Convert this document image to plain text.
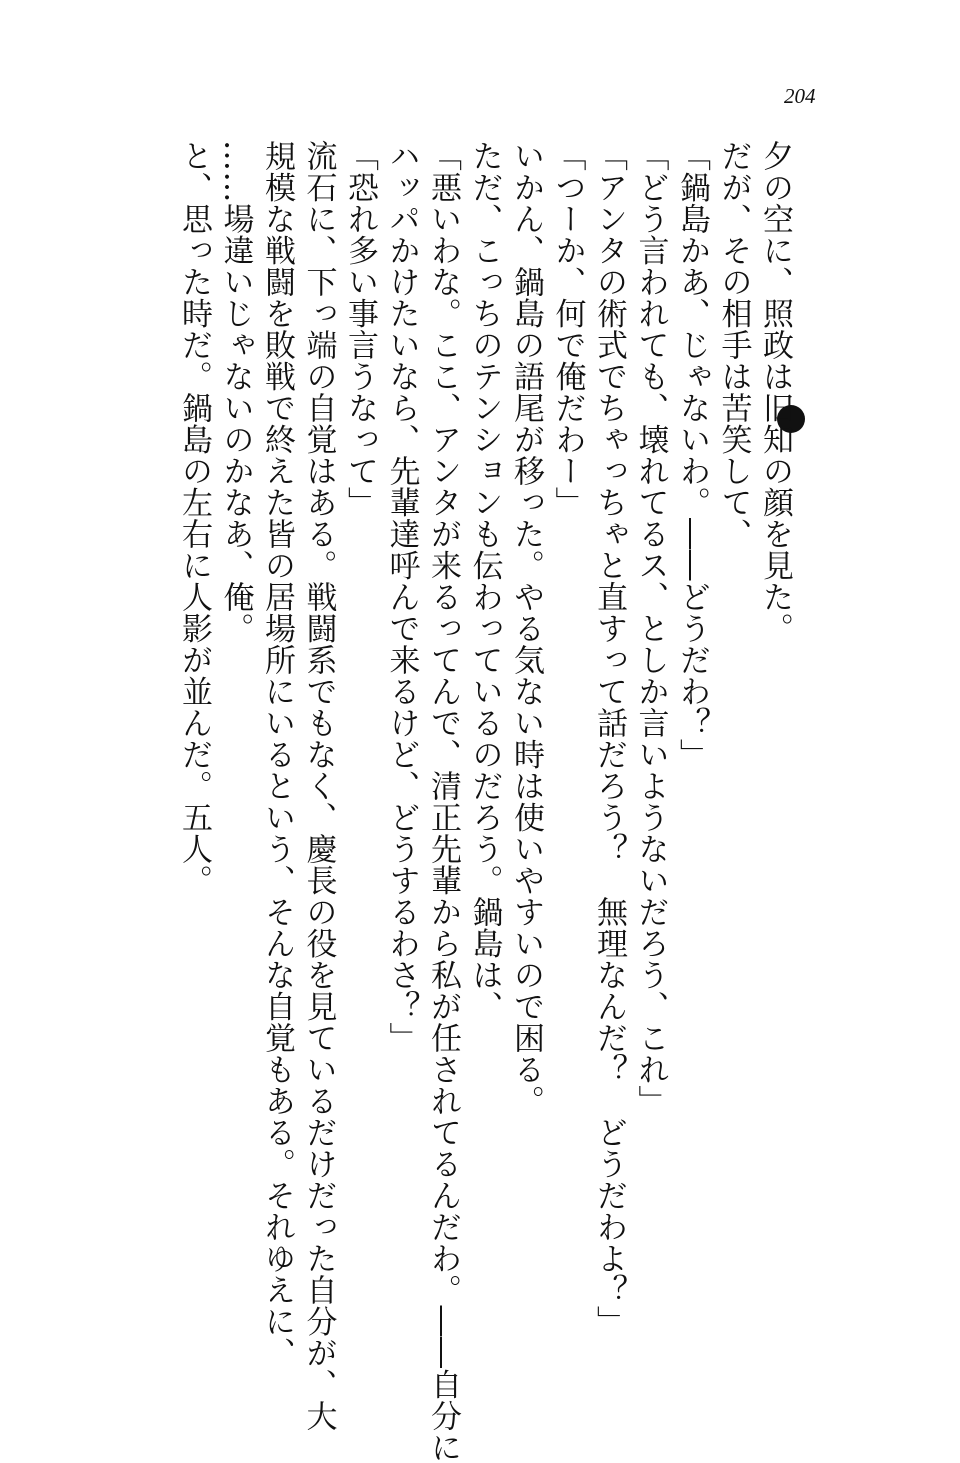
204
夕の空に、照政は旧知の顔を見た。
だが、その相手は苦笑して、
「鍋島かあ、じゃないわ。――どうだわ？」
「どう言われても、壊れてるス、としか言いようないだろう、これ」
「アンタの術式でちゃっちゃと直すって話だろう？　無理なんだ？　どうだわよ？」
「つーか、何で俺だわー」
いかん、鍋島の語尾が移った。やる気ない時は使いやすいので困る。
ただ、こっちのテンションも伝わっているのだろう。鍋島は、
「悪いわな。ここ、アンタが来るってんで、清正先輩から私が任されてるんだわ。――自分に
ハッパかけたいなら、先輩達呼んで来るけど、どうするわさ？」
「恐れ多い事言うなって」
流石に、下っ端の自覚はある。戦闘系でもなく、慶長の役を見ているだけだった自分が、大
規模な戦闘を敗戦で終えた皆の居場所にいるという、そんな自覚もある。それゆえに、
……場違いじゃないのかなあ、俺。
と、思った時だ。鍋島の左右に人影が並んだ。五人。
